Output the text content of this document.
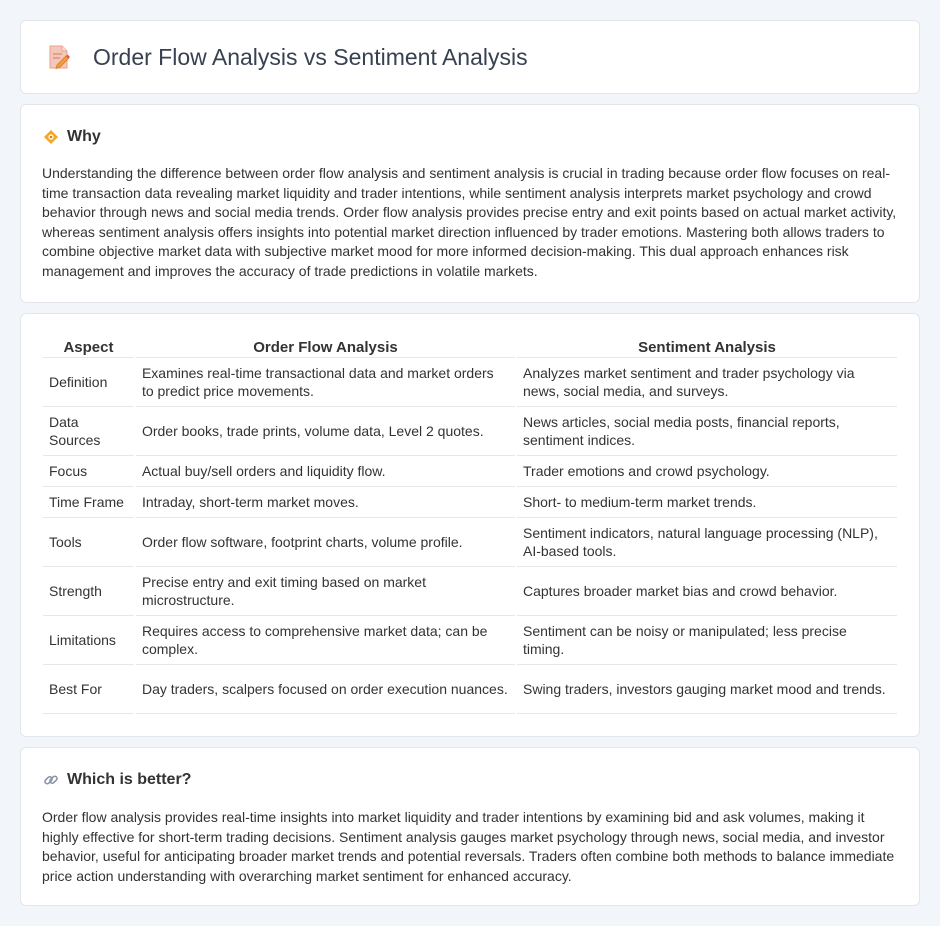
Order Flow Analysis vs Sentiment Analysis
Why

Understanding the difference between order flow analysis and sentiment analysis is crucial in trading because order flow focuses on real-time transaction data revealing market liquidity and trader intentions, while sentiment analysis interprets market psychology and crowd behavior through news and social media trends. Order flow analysis provides precise entry and exit points based on actual market activity, whereas sentiment analysis offers insights into potential market direction influenced by trader emotions. Mastering both allows traders to combine objective market data with subjective market mood for more informed decision-making. This dual approach enhances risk management and improves the accuracy of trade predictions in volatile markets.

Aspect	Order Flow Analysis	Sentiment Analysis
Definition	Examines real-time transactional data and market orders to predict price movements.	Analyzes market sentiment and trader psychology via news, social media, and surveys.
Data Sources	Order books, trade prints, volume data, Level 2 quotes.	News articles, social media posts, financial reports, sentiment indices.
Focus	Actual buy/sell orders and liquidity flow.	Trader emotions and crowd psychology.
Time Frame	Intraday, short-term market moves.	Short- to medium-term market trends.
Tools	Order flow software, footprint charts, volume profile.	Sentiment indicators, natural language processing (NLP), AI-based tools.
Strength	Precise entry and exit timing based on market microstructure.	Captures broader market bias and crowd behavior.
Limitations	Requires access to comprehensive market data; can be complex.	Sentiment can be noisy or manipulated; less precise timing.
Best For	Day traders, scalpers focused on order execution nuances.	Swing traders, investors gauging market mood and trends.
Which is better?

Order flow analysis provides real-time insights into market liquidity and trader intentions by examining bid and ask volumes, making it highly effective for short-term trading decisions. Sentiment analysis gauges market psychology through news, social media, and investor behavior, useful for anticipating broader market trends and potential reversals. Traders often combine both methods to balance immediate price action understanding with overarching market sentiment for enhanced accuracy.
